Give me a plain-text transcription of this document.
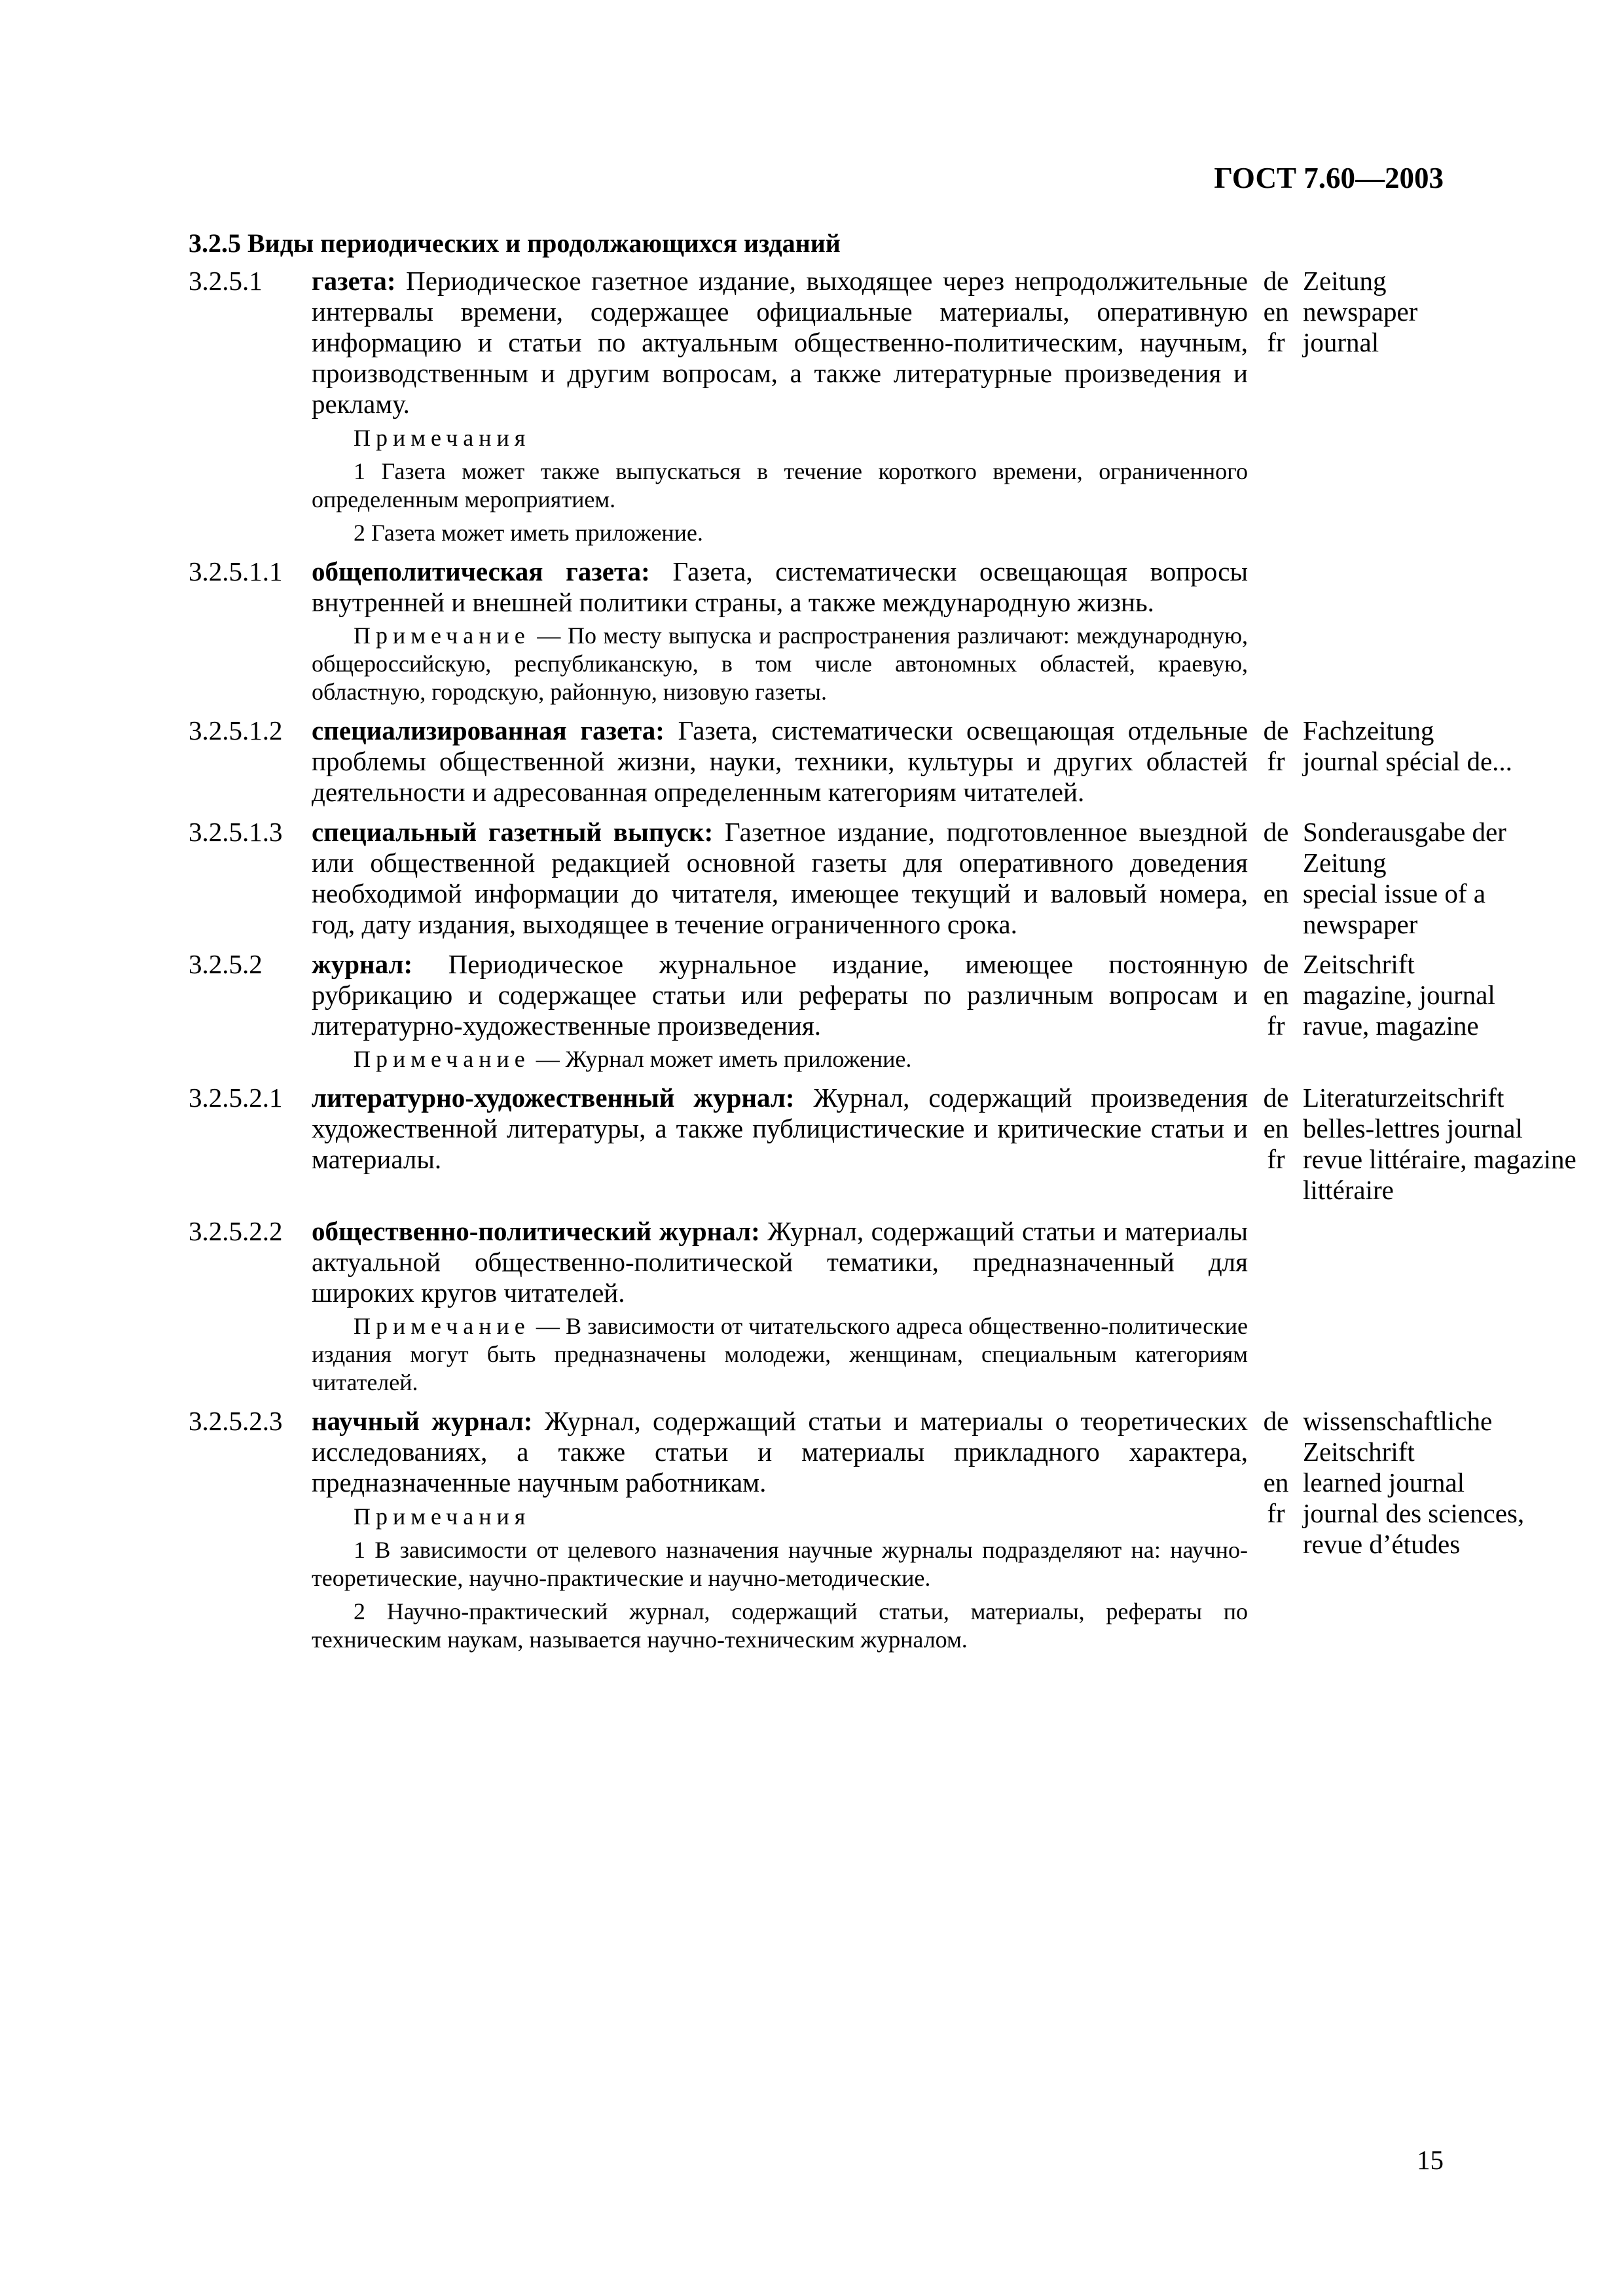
ГОСТ 7.60—2003
3.2.5 Виды периодических и продолжающихся изданий
3.2.5.1 газета: Периодическое газетное издание, выходящее через непродолжительные интервалы времени, содержащее официальные материалы, оперативную информацию и статьи по актуальным общественно-политическим, научным, производственным и другим вопросам, а также литературные произведения и рекламу.
Примечания
1 Газета может также выпускаться в течение короткого времени, ограниченного определенным мероприятием.
2 Газета может иметь приложение.
de Zeitung
en newspaper
fr journal
3.2.5.1.1 общеполитическая газета: Газета, систематически освещающая вопросы внутренней и внешней политики страны, а также международную жизнь.
Примечание — По месту выпуска и распространения различают: международную, общероссийскую, республиканскую, в том числе автономных областей, краевую, областную, городскую, районную, низовую газеты.
3.2.5.1.2 специализированная газета: Газета, систематически освещающая отдельные проблемы общественной жизни, науки, техники, культуры и других областей деятельности и адресованная определенным категориям читателей.
de Fachzeitung
fr journal spécial de...
3.2.5.1.3 специальный газетный выпуск: Газетное издание, подготовленное выездной или общественной редакцией основной газеты для оперативного доведения необходимой информации до читателя, имеющее текущий и валовый номера, год, дату издания, выходящее в течение ограниченного срока.
de Sonderausgabe der
Zeitung
en special issue of a
newspaper
3.2.5.2 журнал: Периодическое журнальное издание, имеющее постоянную рубрикацию и содержащее статьи или рефераты по различным вопросам и литературно-художественные произведения.
Примечание — Журнал может иметь приложение.
de Zeitschrift
en magazine, journal
fr ravue, magazine
3.2.5.2.1 литературно-художественный журнал: Журнал, содержащий произведения художественной литературы, а также публицистические и критические статьи и материалы.
de Literaturzeitschrift
en belles-lettres journal
fr revue littéraire, magazine
littéraire
3.2.5.2.2 общественно-политический журнал: Журнал, содержащий статьи и материалы актуальной общественно-политической тематики, предназначенный для широких кругов читателей.
Примечание — В зависимости от читательского адреса общественно-политические издания могут быть предназначены молодежи, женщинам, специальным категориям читателей.
3.2.5.2.3 научный журнал: Журнал, содержащий статьи и материалы о теоретических исследованиях, а также статьи и материалы прикладного характера, предназначенные научным работникам.
Примечания
1 В зависимости от целевого назначения научные журналы подразделяют на: научно-теоретические, научно-практические и научно-методические.
2 Научно-практический журнал, содержащий статьи, материалы, рефераты по техническим наукам, называется научно-техническим журналом.
de wissenschaftliche
Zeitschrift
en learned journal
fr journal des sciences,
revue d’études
15
